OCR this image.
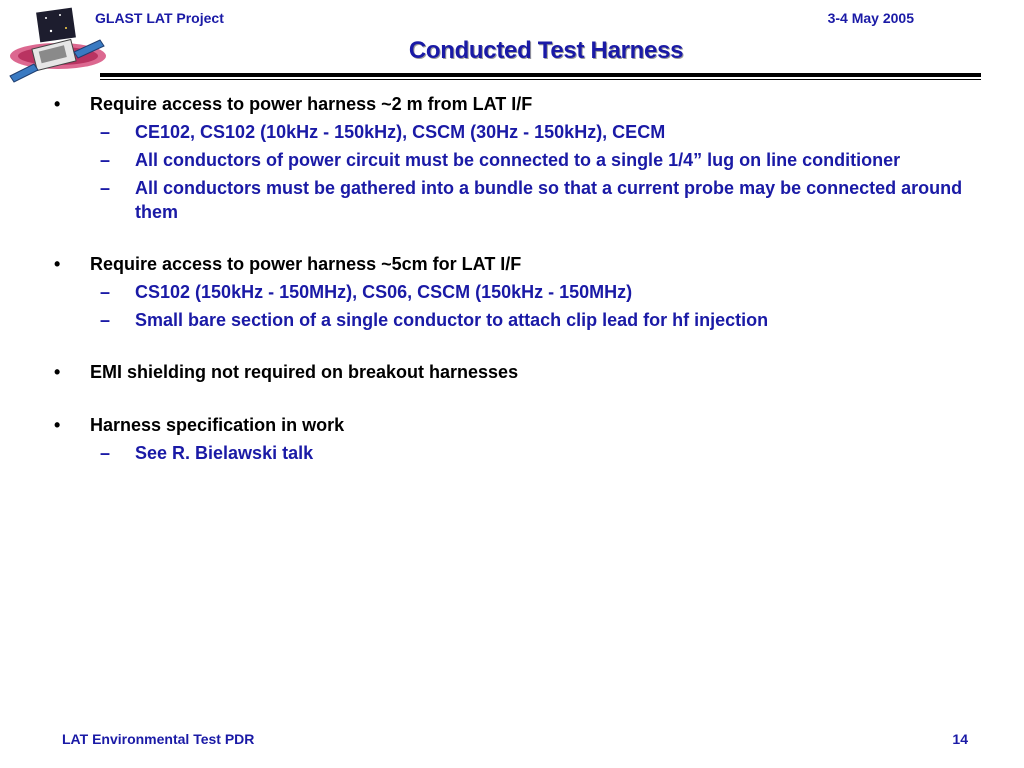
GLAST LAT Project	3-4 May 2005
Conducted Test Harness
• Require access to power harness ~2 m from LAT I/F
– CE102, CS102 (10kHz - 150kHz), CSCM (30Hz - 150kHz), CECM
– All conductors of power circuit must be connected to a single 1/4” lug on line conditioner
– All conductors must be gathered into a bundle so that a current probe may be connected around them
• Require access to power harness ~5cm for LAT I/F
– CS102 (150kHz - 150MHz), CS06, CSCM (150kHz - 150MHz)
– Small bare section of a single conductor to attach clip lead for hf injection
• EMI shielding not required on breakout harnesses
• Harness specification in work
– See R. Bielawski talk
LAT Environmental Test PDR	14
